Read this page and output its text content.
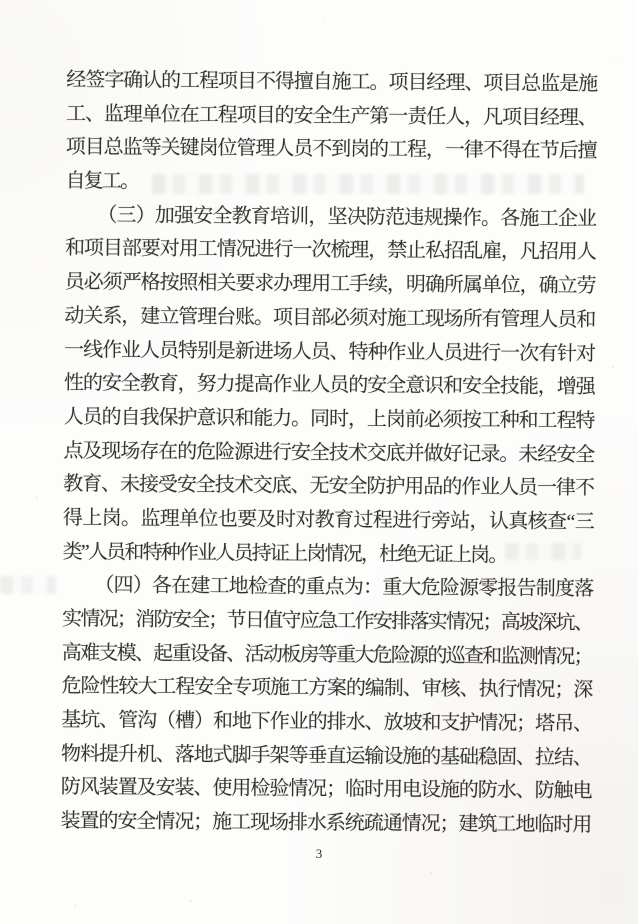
经签字确认的工程项目不得擅自施工。项目经理、项目总监是施
工、监理单位在工程项目的安全生产第一责任人，凡项目经理、
项目总监等关键岗位管理人员不到岗的工程，一律不得在节后擅
自复工。
（三）加强安全教育培训，坚决防范违规操作。各施工企业
和项目部要对用工情况进行一次梳理，禁止私招乱雇，凡招用人
员必须严格按照相关要求办理用工手续，明确所属单位，确立劳
动关系，建立管理台账。项目部必须对施工现场所有管理人员和
一线作业人员特别是新进场人员、特种作业人员进行一次有针对
性的安全教育，努力提高作业人员的安全意识和安全技能，增强
人员的自我保护意识和能力。同时，上岗前必须按工种和工程特
点及现场存在的危险源进行安全技术交底并做好记录。未经安全
教育、未接受安全技术交底、无安全防护用品的作业人员一律不
得上岗。监理单位也要及时对教育过程进行旁站，认真核查“三
类”人员和特种作业人员持证上岗情况，杜绝无证上岗。
（四）各在建工地检查的重点为：重大危险源零报告制度落
实情况；消防安全；节日值守应急工作安排落实情况；高坡深坑、
高难支模、起重设备、活动板房等重大危险源的巡查和监测情况；
危险性较大工程安全专项施工方案的编制、审核、执行情况；深
基坑、管沟（槽）和地下作业的排水、放坡和支护情况；塔吊、
物料提升机、落地式脚手架等垂直运输设施的基础稳固、拉结、
防风装置及安装、使用检验情况；临时用电设施的防水、防触电
装置的安全情况；施工现场排水系统疏通情况；建筑工地临时用
3
